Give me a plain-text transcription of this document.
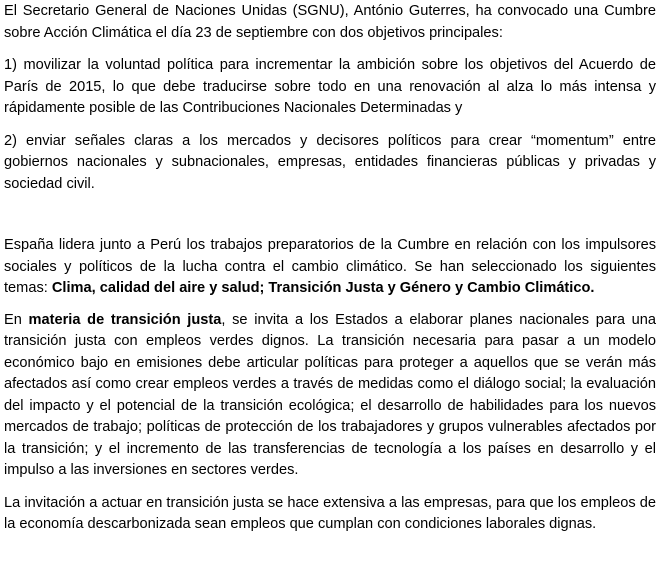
El Secretario General de Naciones Unidas (SGNU), António Guterres, ha convocado una Cumbre sobre Acción Climática el día 23 de septiembre con dos objetivos principales:

1) movilizar la voluntad política para incrementar la ambición sobre los objetivos del Acuerdo de París de 2015, lo que debe traducirse sobre todo en una renovación al alza lo más intensa y rápidamente posible de las Contribuciones Nacionales Determinadas y

2) enviar señales claras a los mercados y decisores políticos para crear “momentum” entre gobiernos nacionales y subnacionales, empresas, entidades financieras públicas y privadas y sociedad civil.

España lidera junto a Perú los trabajos preparatorios de la Cumbre en relación con los impulsores sociales y políticos de la lucha contra el cambio climático. Se han seleccionado los siguientes temas: Clima, calidad del aire y salud; Transición Justa y Género y Cambio Climático.

En materia de transición justa, se invita a los Estados a elaborar planes nacionales para una transición justa con empleos verdes dignos. La transición necesaria para pasar a un modelo económico bajo en emisiones debe articular políticas para proteger a aquellos que se verán más afectados así como crear empleos verdes a través de medidas como el diálogo social; la evaluación del impacto y el potencial de la transición ecológica; el desarrollo de habilidades para los nuevos mercados de trabajo; políticas de protección de los trabajadores y grupos vulnerables afectados por la transición; y el incremento de las transferencias de tecnología a los países en desarrollo y el impulso a las inversiones en sectores verdes.

La invitación a actuar en transición justa se hace extensiva a las empresas, para que los empleos de la economía descarbonizada sean empleos que cumplan con condiciones laborales dignas.
